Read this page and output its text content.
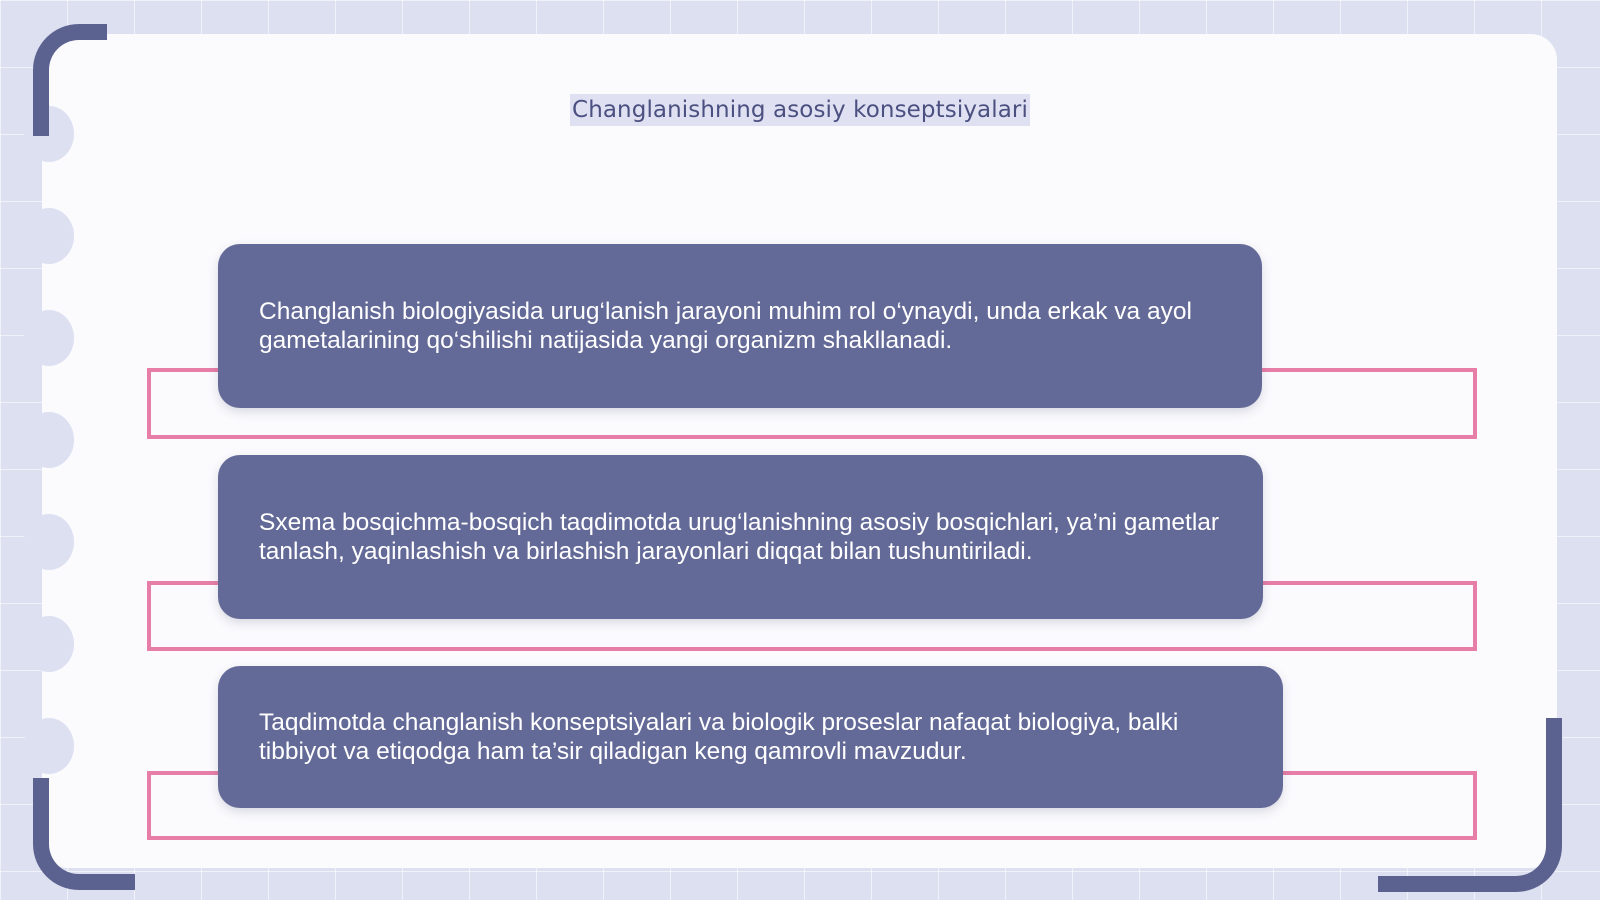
Changlanishning asosiy konseptsiyalari
Changlanish biologiyasida urug‘lanish jarayoni muhim rol o‘ynaydi, unda erkak va ayol gametalarining qo‘shilishi natijasida yangi organizm shakllanadi.
Sxema bosqichma-bosqich taqdimotda urug‘lanishning asosiy bosqichlari, ya’ni gametlar tanlash, yaqinlashish va birlashish jarayonlari diqqat bilan tushuntiriladi.
Taqdimotda changlanish konseptsiyalari va biologik proseslar nafaqat biologiya, balki tibbiyot va etiqodga ham ta’sir qiladigan keng qamrovli mavzudur.
